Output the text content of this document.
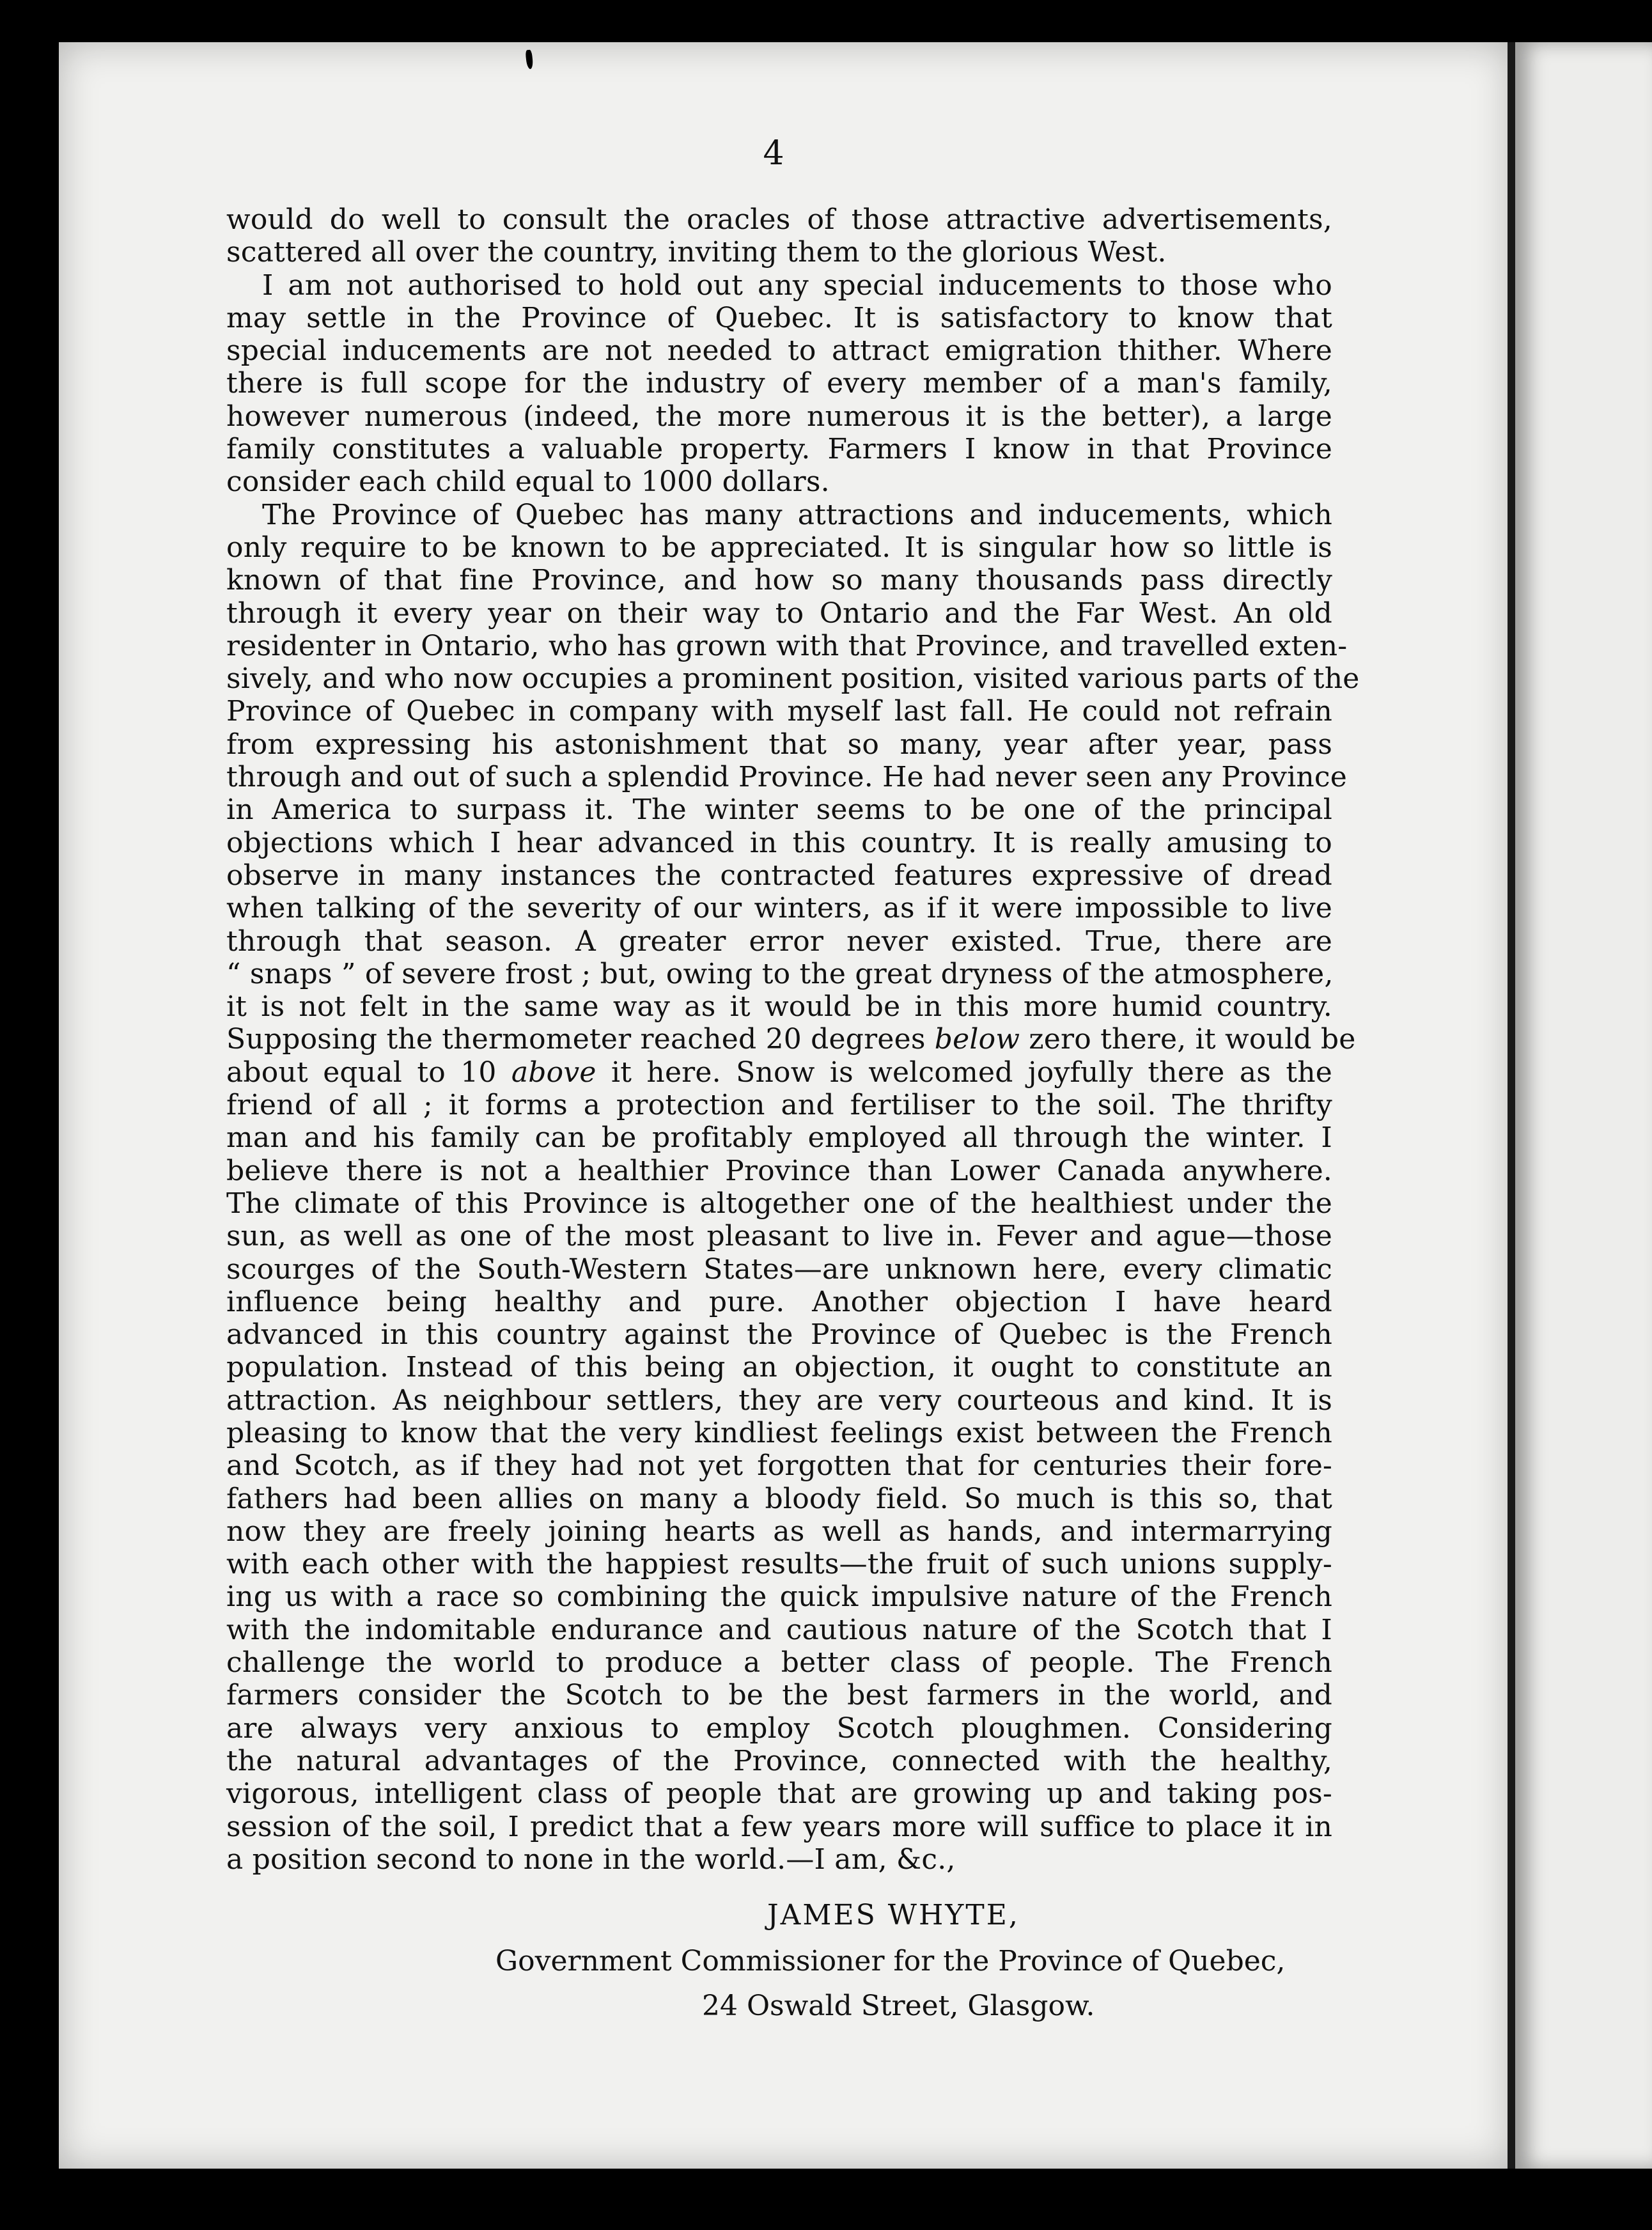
4
would do well to consult the oracles of those attractive advertisements,
scattered all over the country, inviting them to the glorious West.
I am not authorised to hold out any special inducements to those who
may settle in the Province of Quebec. It is satisfactory to know that
special inducements are not needed to attract emigration thither. Where
there is full scope for the industry of every member of a man's family,
however numerous (indeed, the more numerous it is the better), a large
family constitutes a valuable property. Farmers I know in that Province
consider each child equal to 1000 dollars.
The Province of Quebec has many attractions and inducements, which
only require to be known to be appreciated. It is singular how so little is
known of that fine Province, and how so many thousands pass directly
through it every year on their way to Ontario and the Far West. An old
residenter in Ontario, who has grown with that Province, and travelled exten-
sively, and who now occupies a prominent position, visited various parts of the
Province of Quebec in company with myself last fall. He could not refrain
from expressing his astonishment that so many, year after year, pass
through and out of such a splendid Province. He had never seen any Province
in America to surpass it. The winter seems to be one of the principal
objections which I hear advanced in this country. It is really amusing to
observe in many instances the contracted features expressive of dread
when talking of the severity of our winters, as if it were impossible to live
through that season. A greater error never existed. True, there are
“ snaps ” of severe frost ; but, owing to the great dryness of the atmosphere,
it is not felt in the same way as it would be in this more humid country.
Supposing the thermometer reached 20 degrees below zero there, it would be
about equal to 10 above it here. Snow is welcomed joyfully there as the
friend of all ; it forms a protection and fertiliser to the soil. The thrifty
man and his family can be profitably employed all through the winter. I
believe there is not a healthier Province than Lower Canada anywhere.
The climate of this Province is altogether one of the healthiest under the
sun, as well as one of the most pleasant to live in. Fever and ague—those
scourges of the South-Western States—are unknown here, every climatic
influence being healthy and pure. Another objection I have heard
advanced in this country against the Province of Quebec is the French
population. Instead of this being an objection, it ought to constitute an
attraction. As neighbour settlers, they are very courteous and kind. It is
pleasing to know that the very kindliest feelings exist between the French
and Scotch, as if they had not yet forgotten that for centuries their fore-
fathers had been allies on many a bloody field. So much is this so, that
now they are freely joining hearts as well as hands, and intermarrying
with each other with the happiest results—the fruit of such unions supply-
ing us with a race so combining the quick impulsive nature of the French
with the indomitable endurance and cautious nature of the Scotch that I
challenge the world to produce a better class of people. The French
farmers consider the Scotch to be the best farmers in the world, and
are always very anxious to employ Scotch ploughmen. Considering
the natural advantages of the Province, connected with the healthy,
vigorous, intelligent class of people that are growing up and taking pos-
session of the soil, I predict that a few years more will suffice to place it in
a position second to none in the world.—I am, &c.,
JAMES WHYTE,
Government Commissioner for the Province of Quebec,
24 Oswald Street, Glasgow.
